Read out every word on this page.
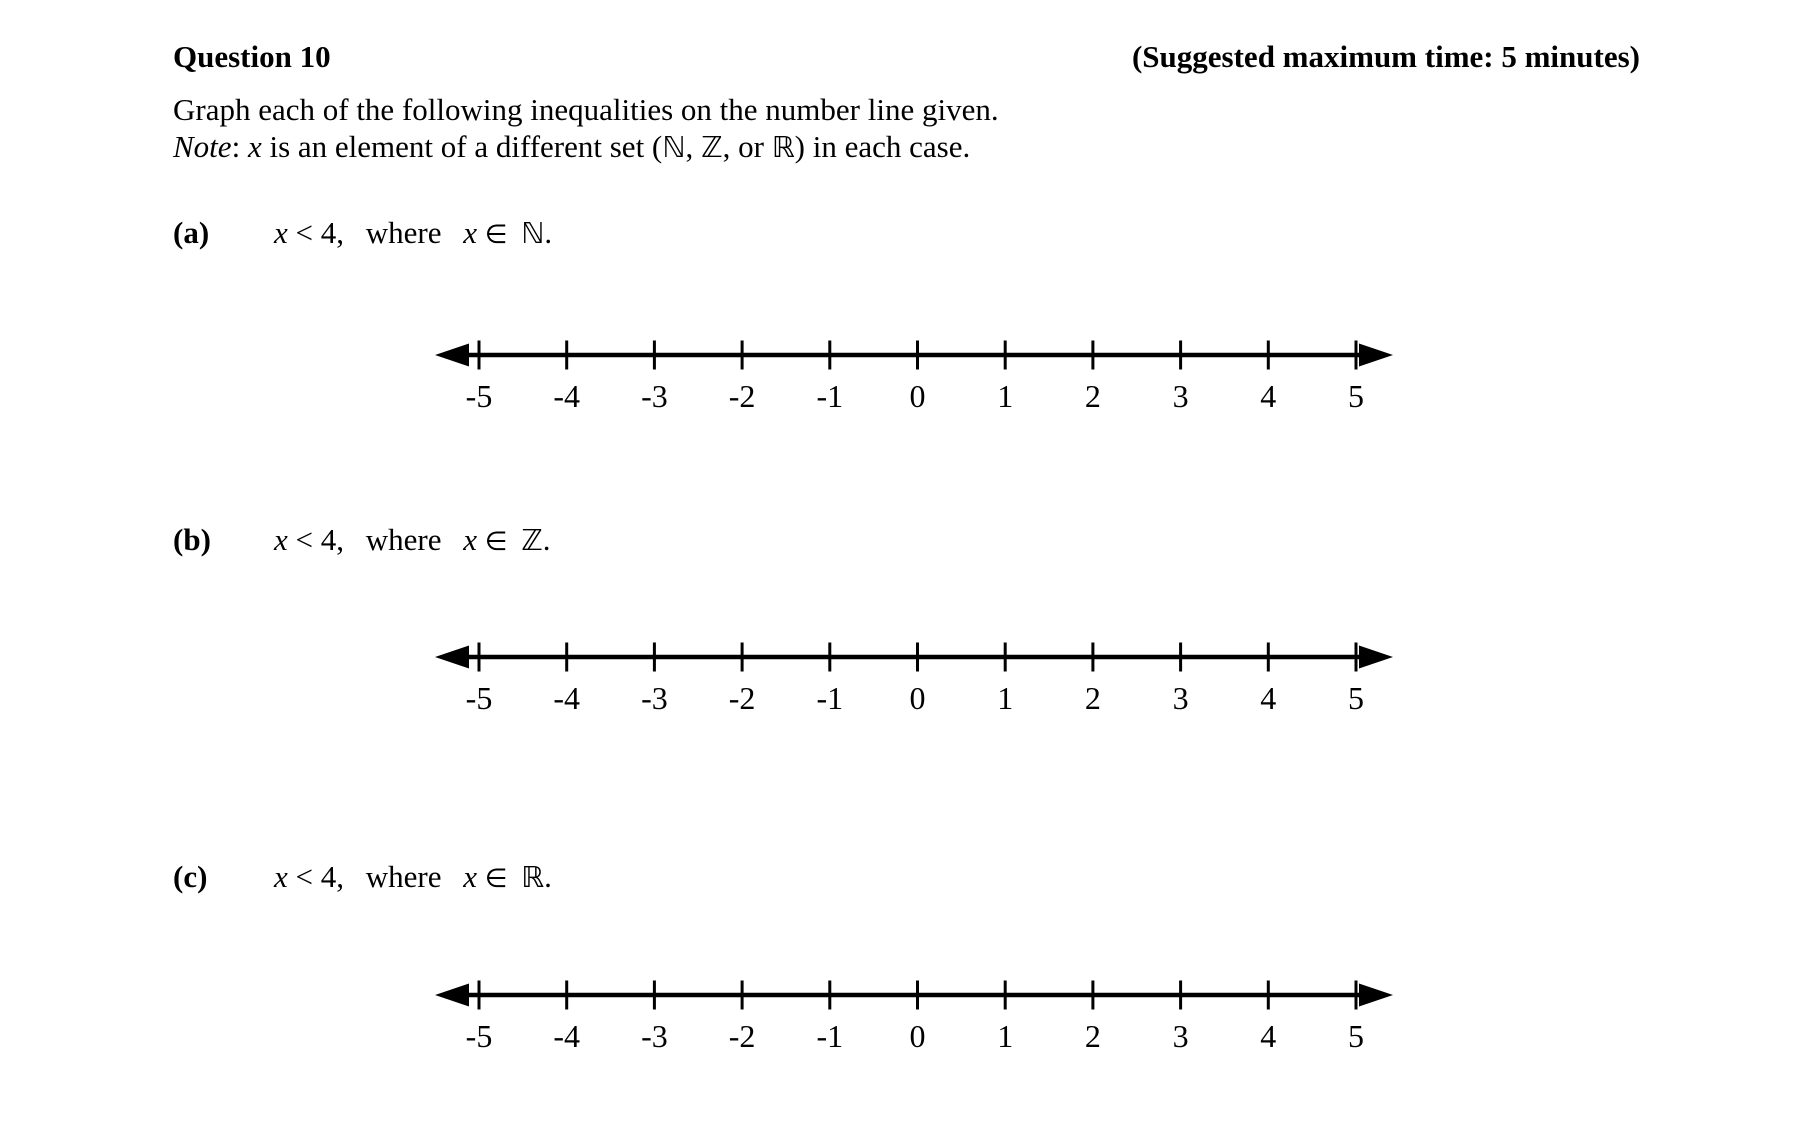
Question 10	(Suggested maximum time: 5 minutes)
Graph each of the following inequalities on the number line given.
Note: x is an element of a different set (ℕ, ℤ, or ℝ) in each case.
(a) x < 4, where x ∈ ℕ.
-5 -4 -3 -2 -1 0 1 2 3 4 5
(b) x < 4, where x ∈ ℤ.
-5 -4 -3 -2 -1 0 1 2 3 4 5
(c) x < 4, where x ∈ ℝ.
-5 -4 -3 -2 -1 0 1 2 3 4 5
